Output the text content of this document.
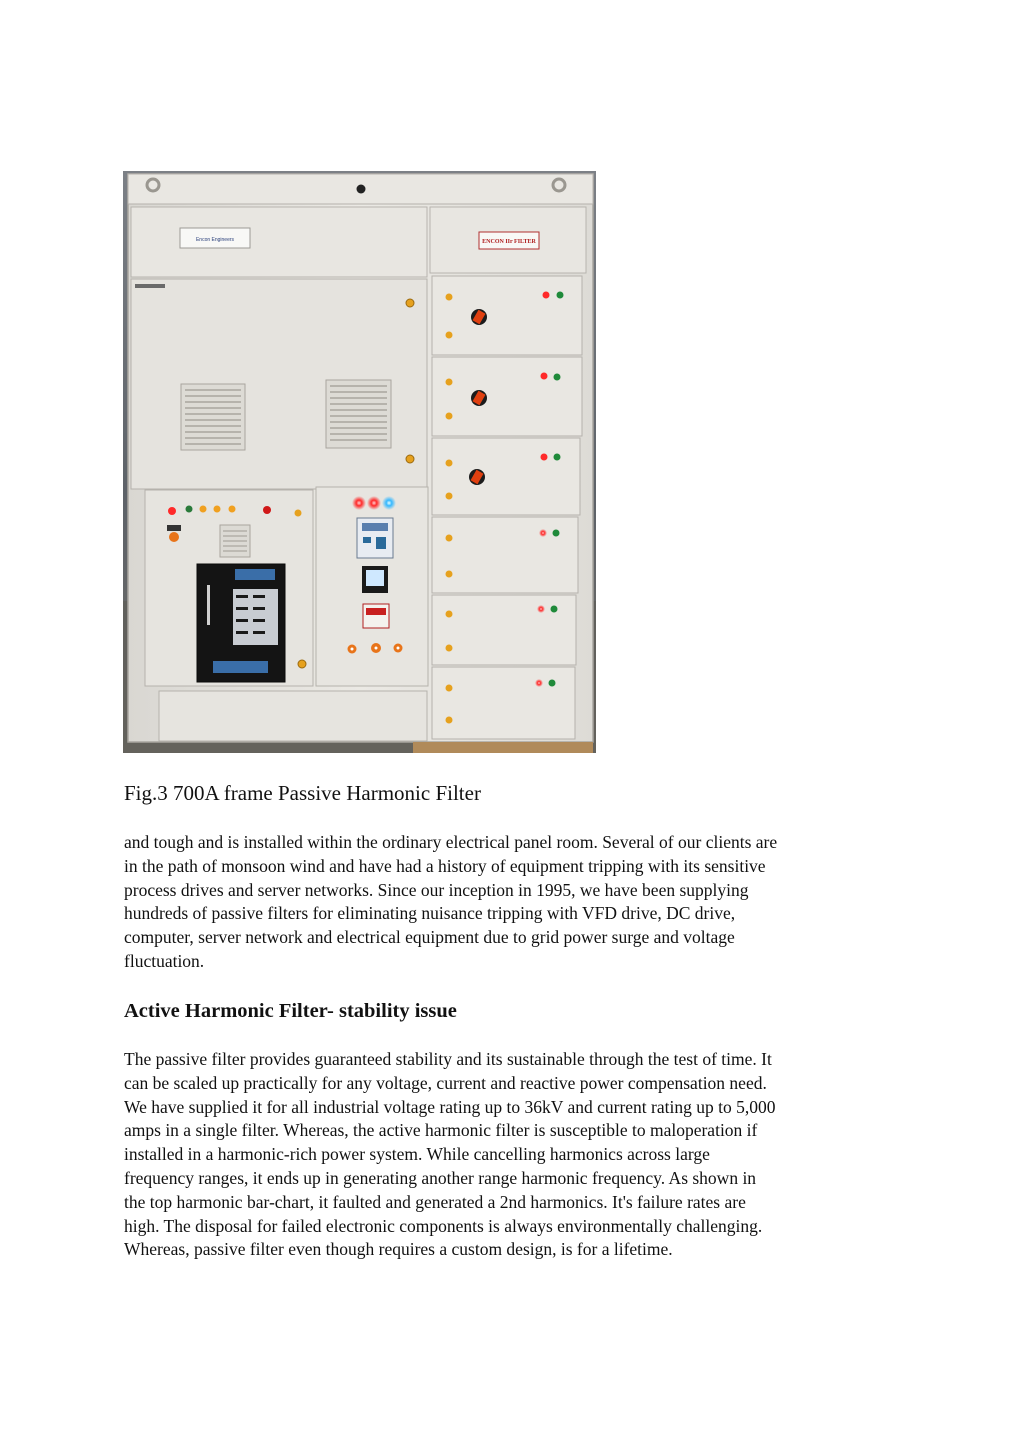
Encon Engineers	ENCON IIr FILTER
Fig.3 700A frame Passive Harmonic Filter

and tough and is installed within the ordinary electrical panel room. Several of our clients are
in the path of monsoon wind and have had a history of equipment tripping with its sensitive
process drives and server networks. Since our inception in 1995, we have been supplying
hundreds of passive filters for eliminating nuisance tripping with VFD drive, DC drive,
computer, server network and electrical equipment due to grid power surge and voltage
fluctuation.

Active Harmonic Filter- stability issue

The passive filter provides guaranteed stability and its sustainable through the test of time. It
can be scaled up practically for any voltage, current and reactive power compensation need.
We have supplied it for all industrial voltage rating up to 36kV and current rating up to 5,000
amps in a single filter. Whereas, the active harmonic filter is susceptible to maloperation if
installed in a harmonic-rich power system. While cancelling harmonics across large
frequency ranges, it ends up in generating another range harmonic frequency. As shown in
the top harmonic bar-chart, it faulted and generated a 2nd harmonics. It's failure rates are
high. The disposal for failed electronic components is always environmentally challenging.
Whereas, passive filter even though requires a custom design, is for a lifetime.
